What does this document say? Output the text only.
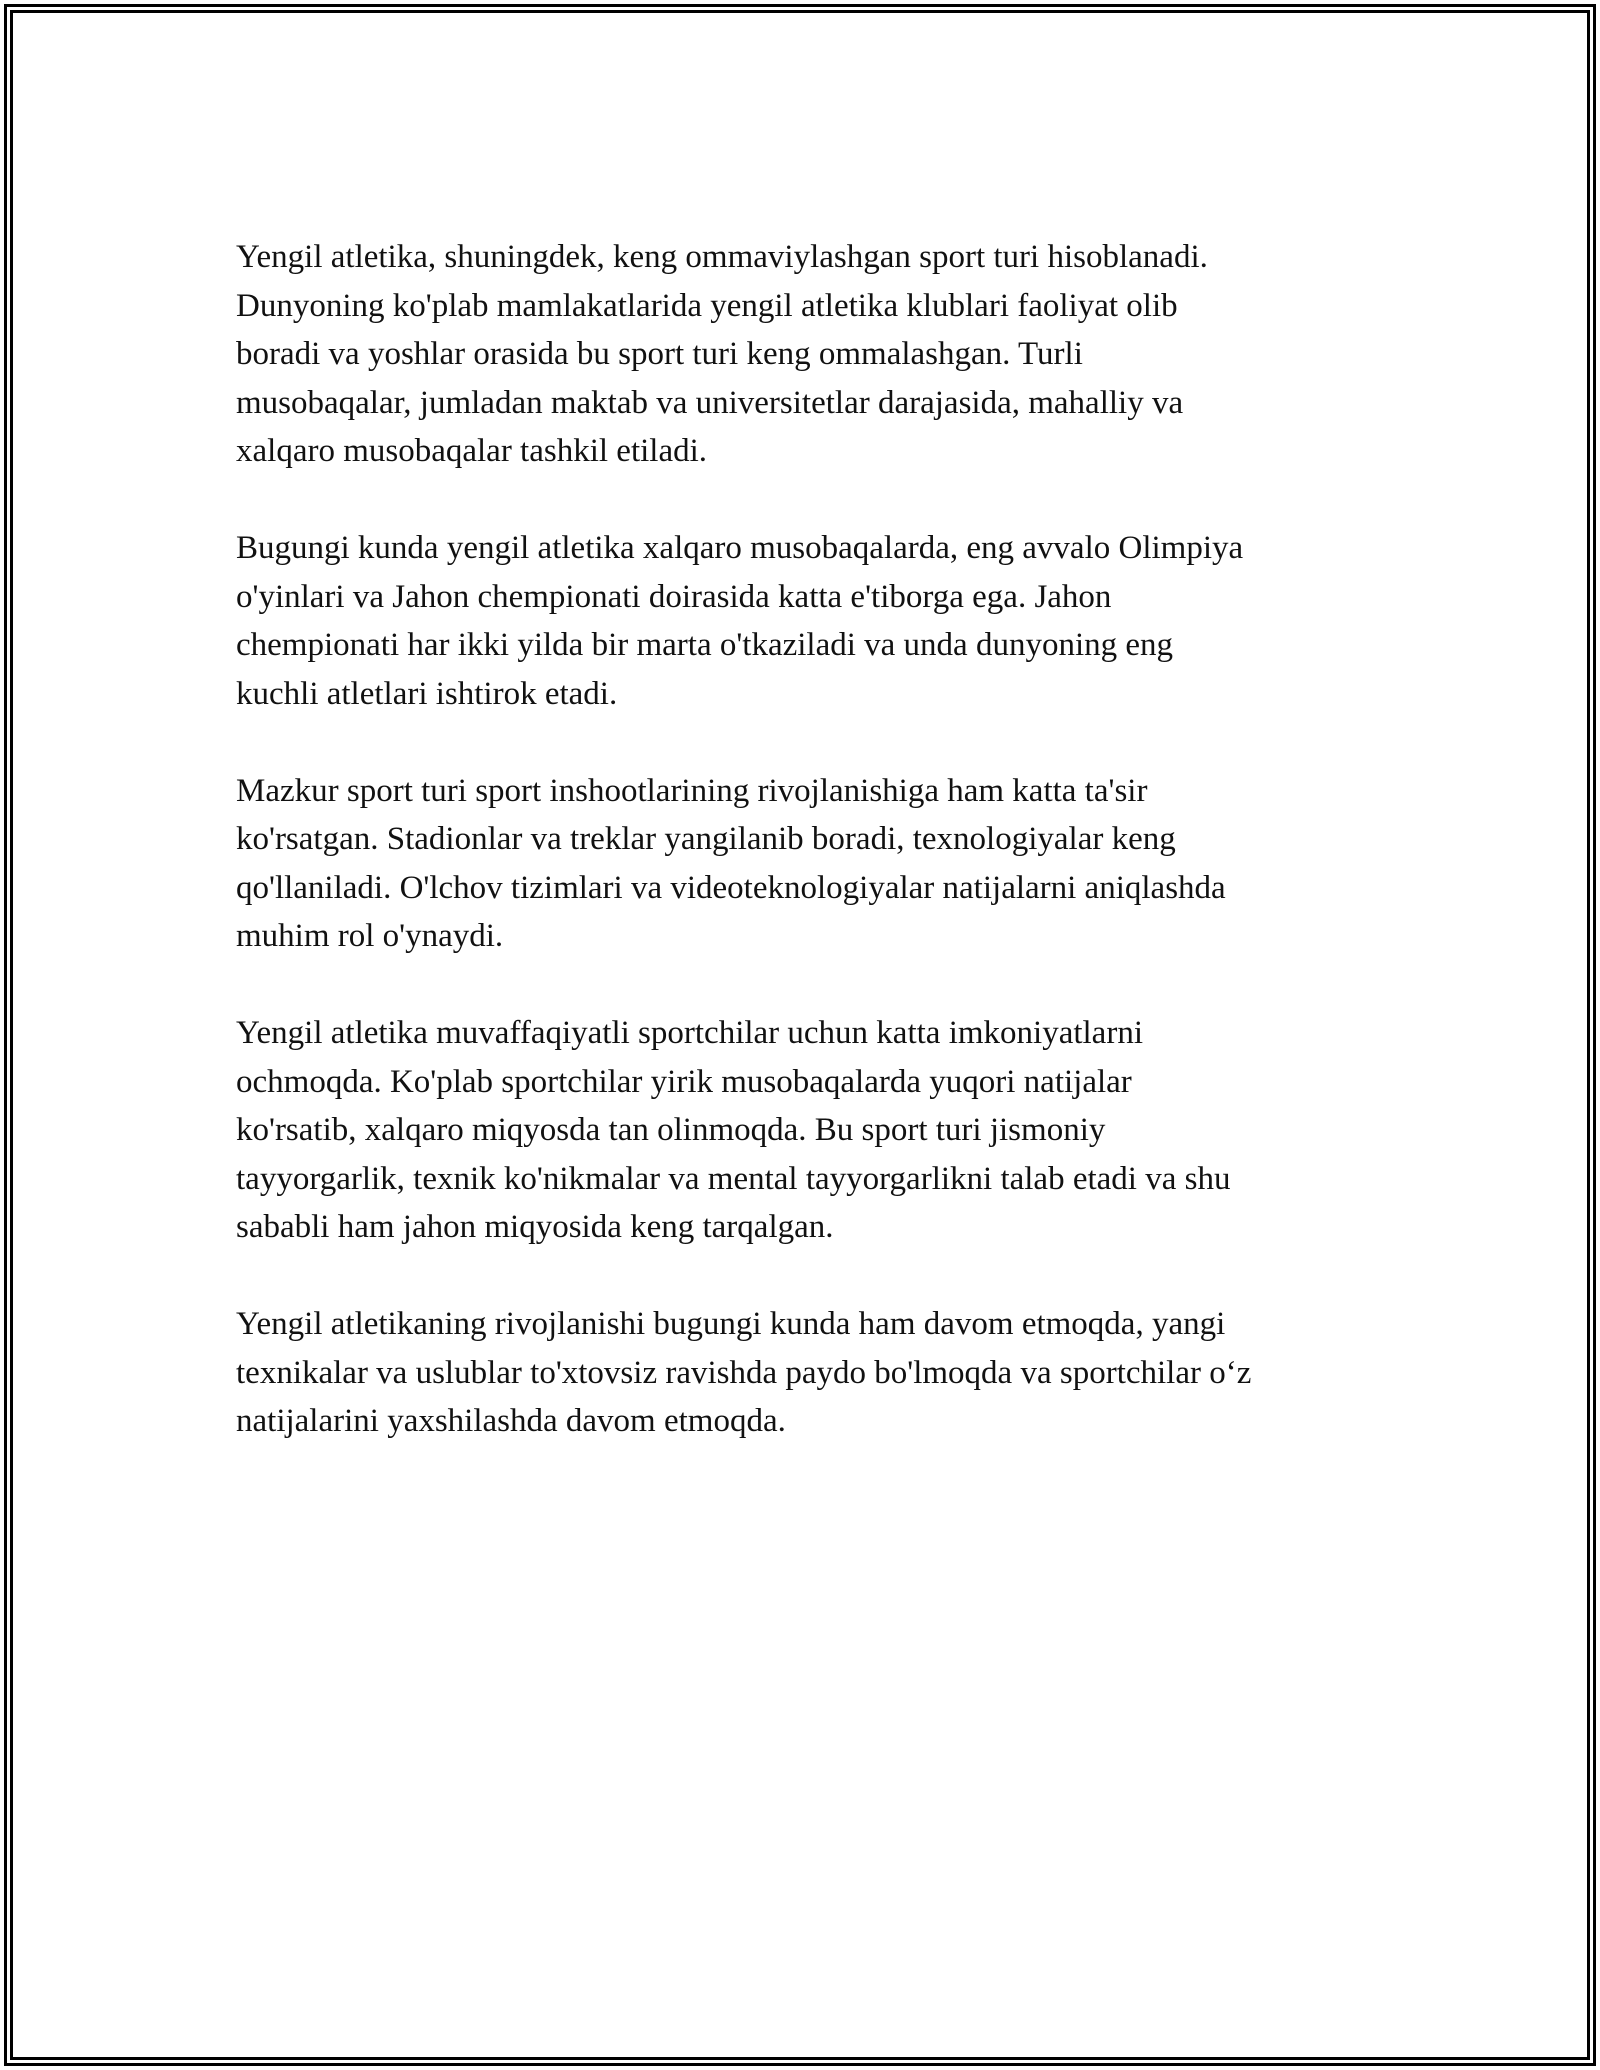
Yengil atletika, shuningdek, keng ommaviylashgan sport turi hisoblanadi.
Dunyoning ko'plab mamlakatlarida yengil atletika klublari faoliyat olib
boradi va yoshlar orasida bu sport turi keng ommalashgan. Turli
musobaqalar, jumladan maktab va universitetlar darajasida, mahalliy va
xalqaro musobaqalar tashkil etiladi.

Bugungi kunda yengil atletika xalqaro musobaqalarda, eng avvalo Olimpiya
o'yinlari va Jahon chempionati doirasida katta e'tiborga ega. Jahon
chempionati har ikki yilda bir marta o'tkaziladi va unda dunyoning eng
kuchli atletlari ishtirok etadi.

Mazkur sport turi sport inshootlarining rivojlanishiga ham katta ta'sir
ko'rsatgan. Stadionlar va treklar yangilanib boradi, texnologiyalar keng
qo'llaniladi. O'lchov tizimlari va videoteknologiyalar natijalarni aniqlashda
muhim rol o'ynaydi.

Yengil atletika muvaffaqiyatli sportchilar uchun katta imkoniyatlarni
ochmoqda. Ko'plab sportchilar yirik musobaqalarda yuqori natijalar
ko'rsatib, xalqaro miqyosda tan olinmoqda. Bu sport turi jismoniy
tayyorgarlik, texnik ko'nikmalar va mental tayyorgarlikni talab etadi va shu
sababli ham jahon miqyosida keng tarqalgan.

Yengil atletikaning rivojlanishi bugungi kunda ham davom etmoqda, yangi
texnikalar va uslublar to'xtovsiz ravishda paydo bo'lmoqda va sportchilar o‘z
natijalarini yaxshilashda davom etmoqda.
